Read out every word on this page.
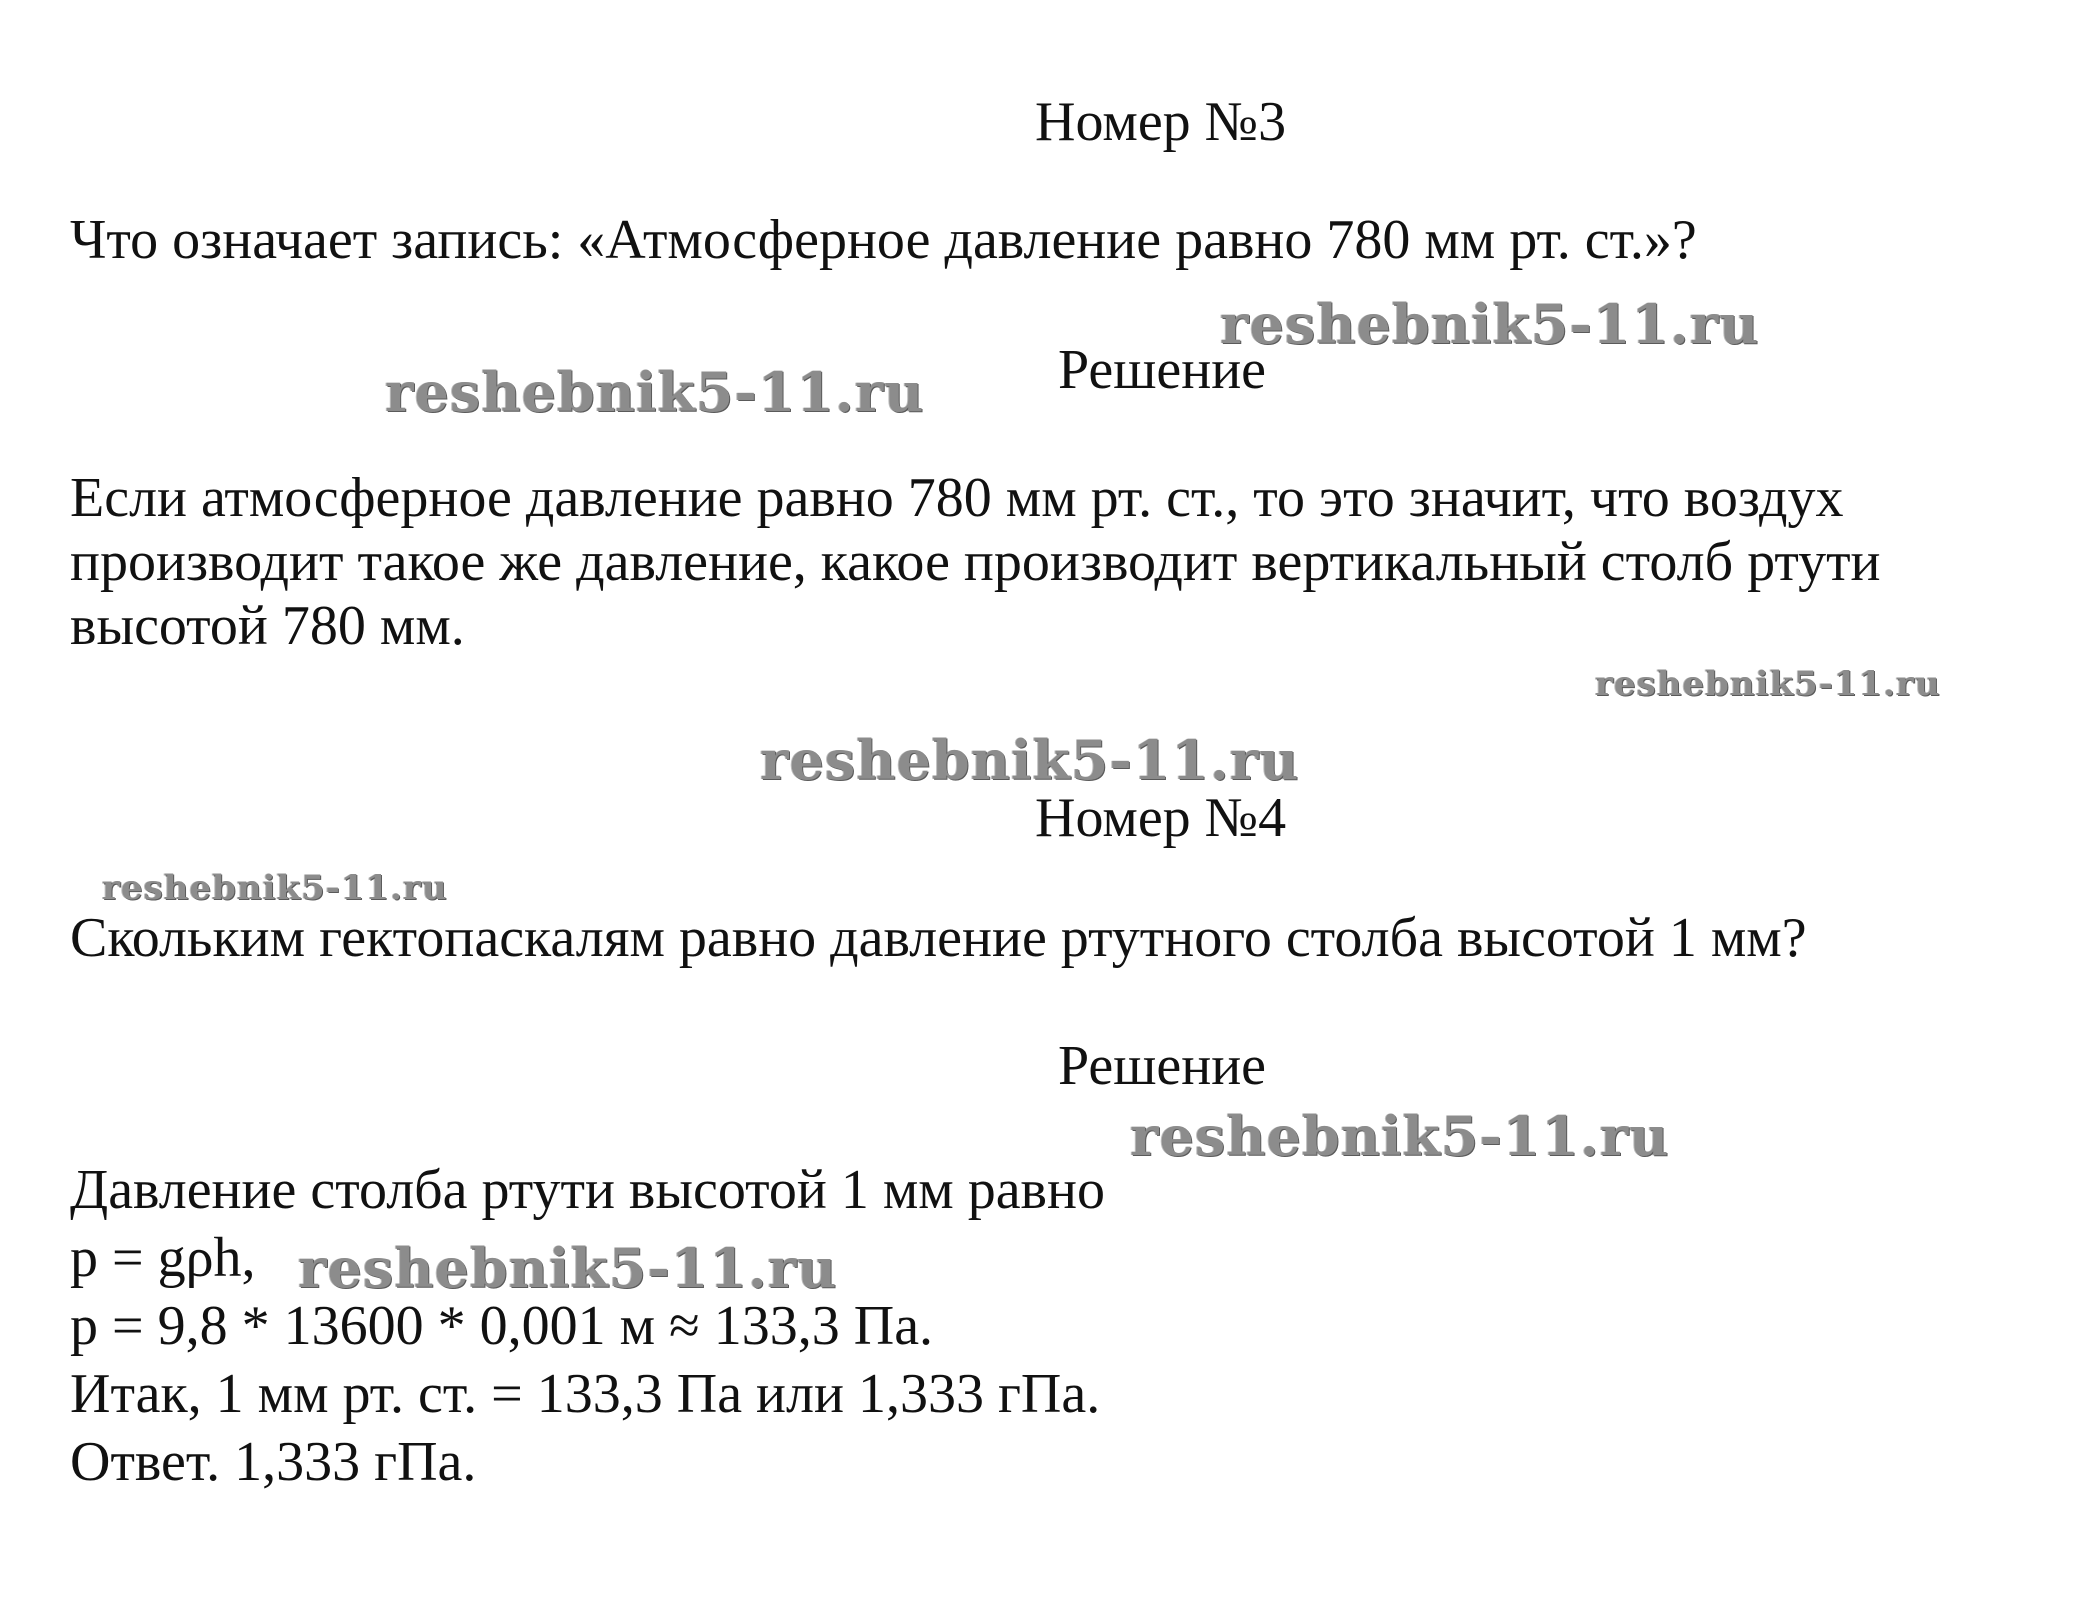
Номер №3

Что означает запись: «Атмосферное давление равно 780 мм рт. ст.»?

reshebnik5-11.ru
Решение
reshebnik5-11.ru

Если атмосферное давление равно 780 мм рт. ст., то это значит, что воздух

производит такое же давление, какое производит вертикальный столб ртути

высотой 780 мм.

reshebnik5-11.ru
reshebnik5-11.ru
Номер №4
reshebnik5-11.ru

Скольким гектопаскалям равно давление ртутного столба высотой 1 мм?

Решение
reshebnik5-11.ru

Давление столба ртути высотой 1 мм равно

p = gρh, reshebnik5-11.ru

p = 9,8 * 13600 * 0,001 м ≈ 133,3 Па.

Итак, 1 мм рт. ст. = 133,3 Па или 1,333 гПа.

Ответ. 1,333 гПа.
